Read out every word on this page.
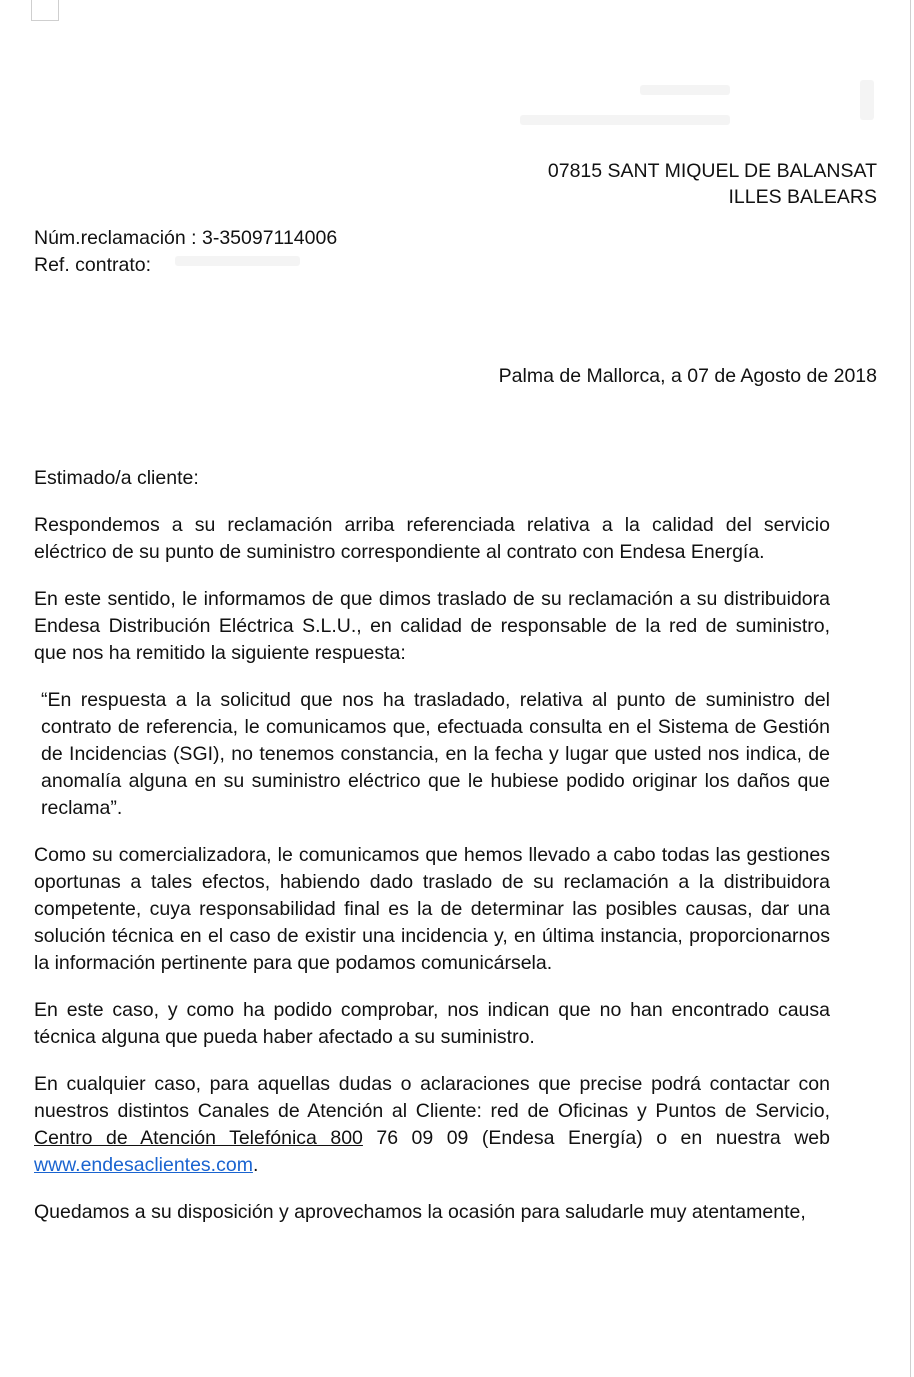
07815 SANT MIQUEL DE BALANSAT
ILLES BALEARS
Núm.reclamación : 3-35097114006
Ref. contrato:
Palma de Mallorca, a 07 de Agosto de 2018

Estimado/a cliente:

Respondemos a su reclamación arriba referenciada relativa a la calidad del servicio eléctrico de su punto de suministro correspondiente al contrato con Endesa Energía.

En este sentido, le informamos de que dimos traslado de su reclamación a su distribuidora Endesa Distribución Eléctrica S.L.U., en calidad de responsable de la red de suministro, que nos ha remitido la siguiente respuesta:

“En respuesta a la solicitud que nos ha trasladado, relativa al punto de suministro del contrato de referencia, le comunicamos que, efectuada consulta en el Sistema de Gestión de Incidencias (SGI), no tenemos constancia, en la fecha y lugar que usted nos indica, de anomalía alguna en su suministro eléctrico que le hubiese podido originar los daños que reclama”.

Como su comercializadora, le comunicamos que hemos llevado a cabo todas las gestiones oportunas a tales efectos, habiendo dado traslado de su reclamación a la distribuidora competente, cuya responsabilidad final es la de determinar las posibles causas, dar una solución técnica en el caso de existir una incidencia y, en última instancia, proporcionarnos la información pertinente para que podamos comunicársela.

En este caso, y como ha podido comprobar, nos indican que no han encontrado causa técnica alguna que pueda haber afectado a su suministro.

En cualquier caso, para aquellas dudas o aclaraciones que precise podrá contactar con nuestros distintos Canales de Atención al Cliente: red de Oficinas y Puntos de Servicio, Centro de Atención Telefónica 800 76 09 09 (Endesa Energía) o en nuestra web www.endesaclientes.com.

Quedamos a su disposición y aprovechamos la ocasión para saludarle muy atentamente,
